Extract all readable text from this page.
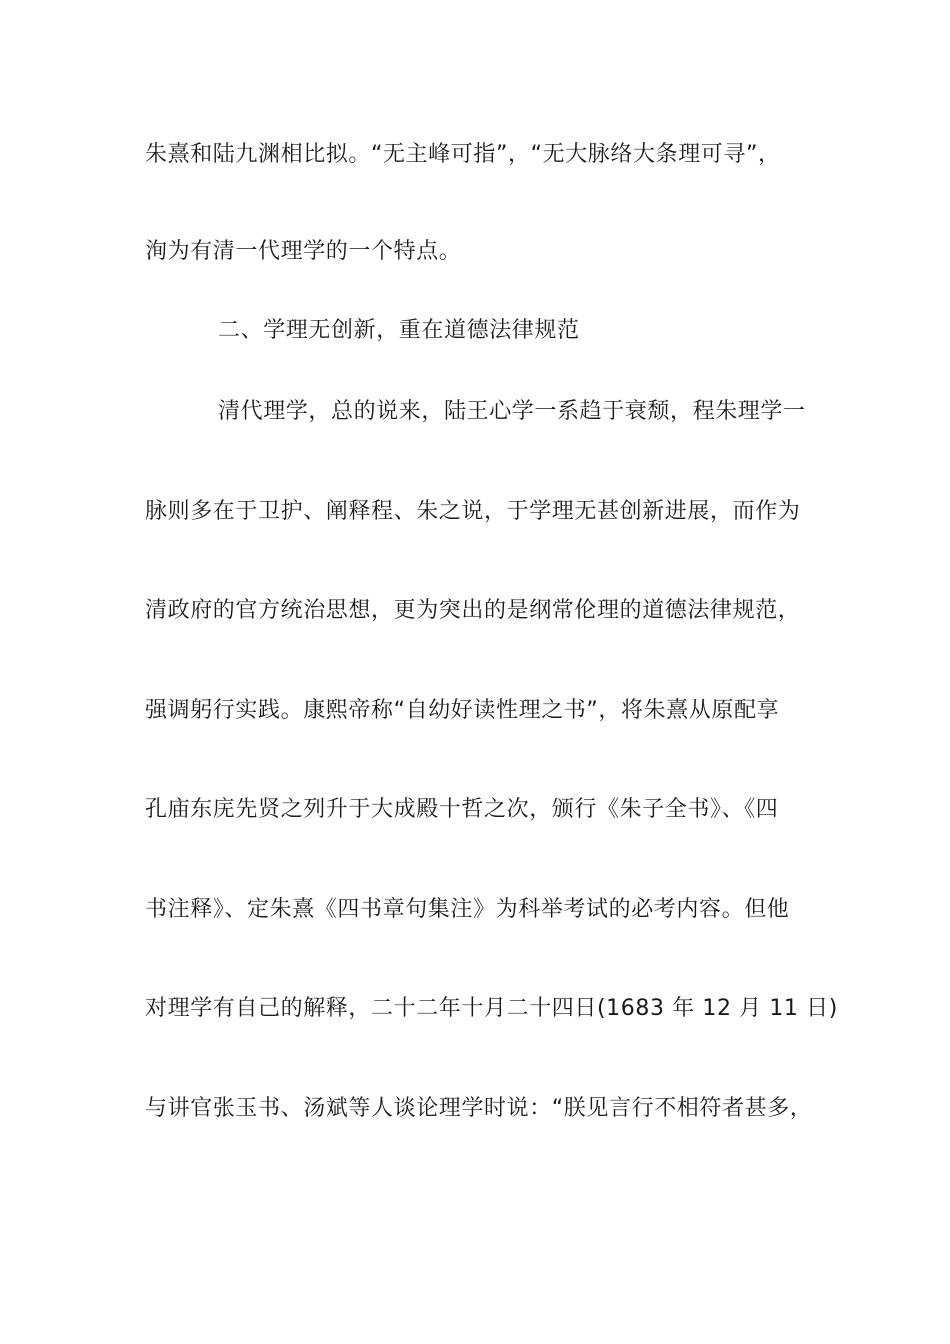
朱熹和陆九渊相比拟。“无主峰可指”，“无大脉络大条理可寻”，
洵为有清一代理学的一个特点。
二、学理无创新，重在道德法律规范
清代理学，总的说来，陆王心学一系趋于衰颓，程朱理学一
脉则多在于卫护、阐释程、朱之说，于学理无甚创新进展，而作为
清政府的官方统治思想，更为突出的是纲常伦理的道德法律规范，
强调躬行实践。康熙帝称“自幼好读性理之书”，将朱熹从原配享
孔庙东庑先贤之列升于大成殿十哲之次，颁行《朱子全书》、《四
书注释》、定朱熹《四书章句集注》为科举考试的必考内容。但他
对理学有自己的解释，二十二年十月二十四日(1683 年 12 月 11 日)
与讲官张玉书、汤斌等人谈论理学时说：“朕见言行不相符者甚多，
